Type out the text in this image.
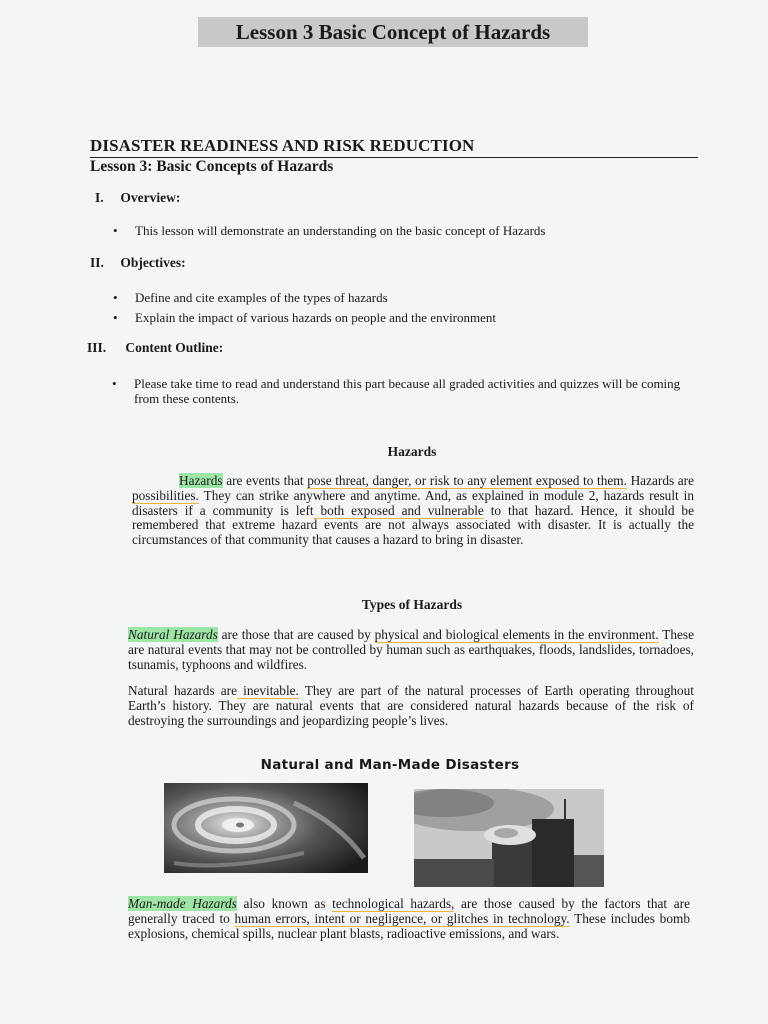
Lesson 3 Basic Concept of Hazards
DISASTER READINESS AND RISK REDUCTION
Lesson 3: Basic Concepts of Hazards
I. Overview:
• This lesson will demonstrate an understanding on the basic concept of Hazards
II. Objectives:
• Define and cite examples of the types of hazards
• Explain the impact of various hazards on people and the environment
III. Content Outline:
• Please take time to read and understand this part because all graded activities and quizzes will be coming from these contents.
Hazards
Hazards are events that pose threat, danger, or risk to any element exposed to them. Hazards are possibilities. They can strike anywhere and anytime. And, as explained in module 2, hazards result in disasters if a community is left both exposed and vulnerable to that hazard. Hence, it should be remembered that extreme hazard events are not always associated with disaster. It is actually the circumstances of that community that causes a hazard to bring in disaster.
Types of Hazards
Natural Hazards are those that are caused by physical and biological elements in the environment. These are natural events that may not be controlled by human such as earthquakes, floods, landslides, tornadoes, tsunamis, typhoons and wildfires.
Natural hazards are inevitable. They are part of the natural processes of Earth operating throughout Earth’s history. They are natural events that are considered natural hazards because of the risk of destroying the surroundings and jeopardizing people’s lives.
Natural and Man-Made Disasters
Man-made Hazards also known as technological hazards, are those caused by the factors that are generally traced to human errors, intent or negligence, or glitches in technology. These includes bomb explosions, chemical spills, nuclear plant blasts, radioactive emissions, and wars.
